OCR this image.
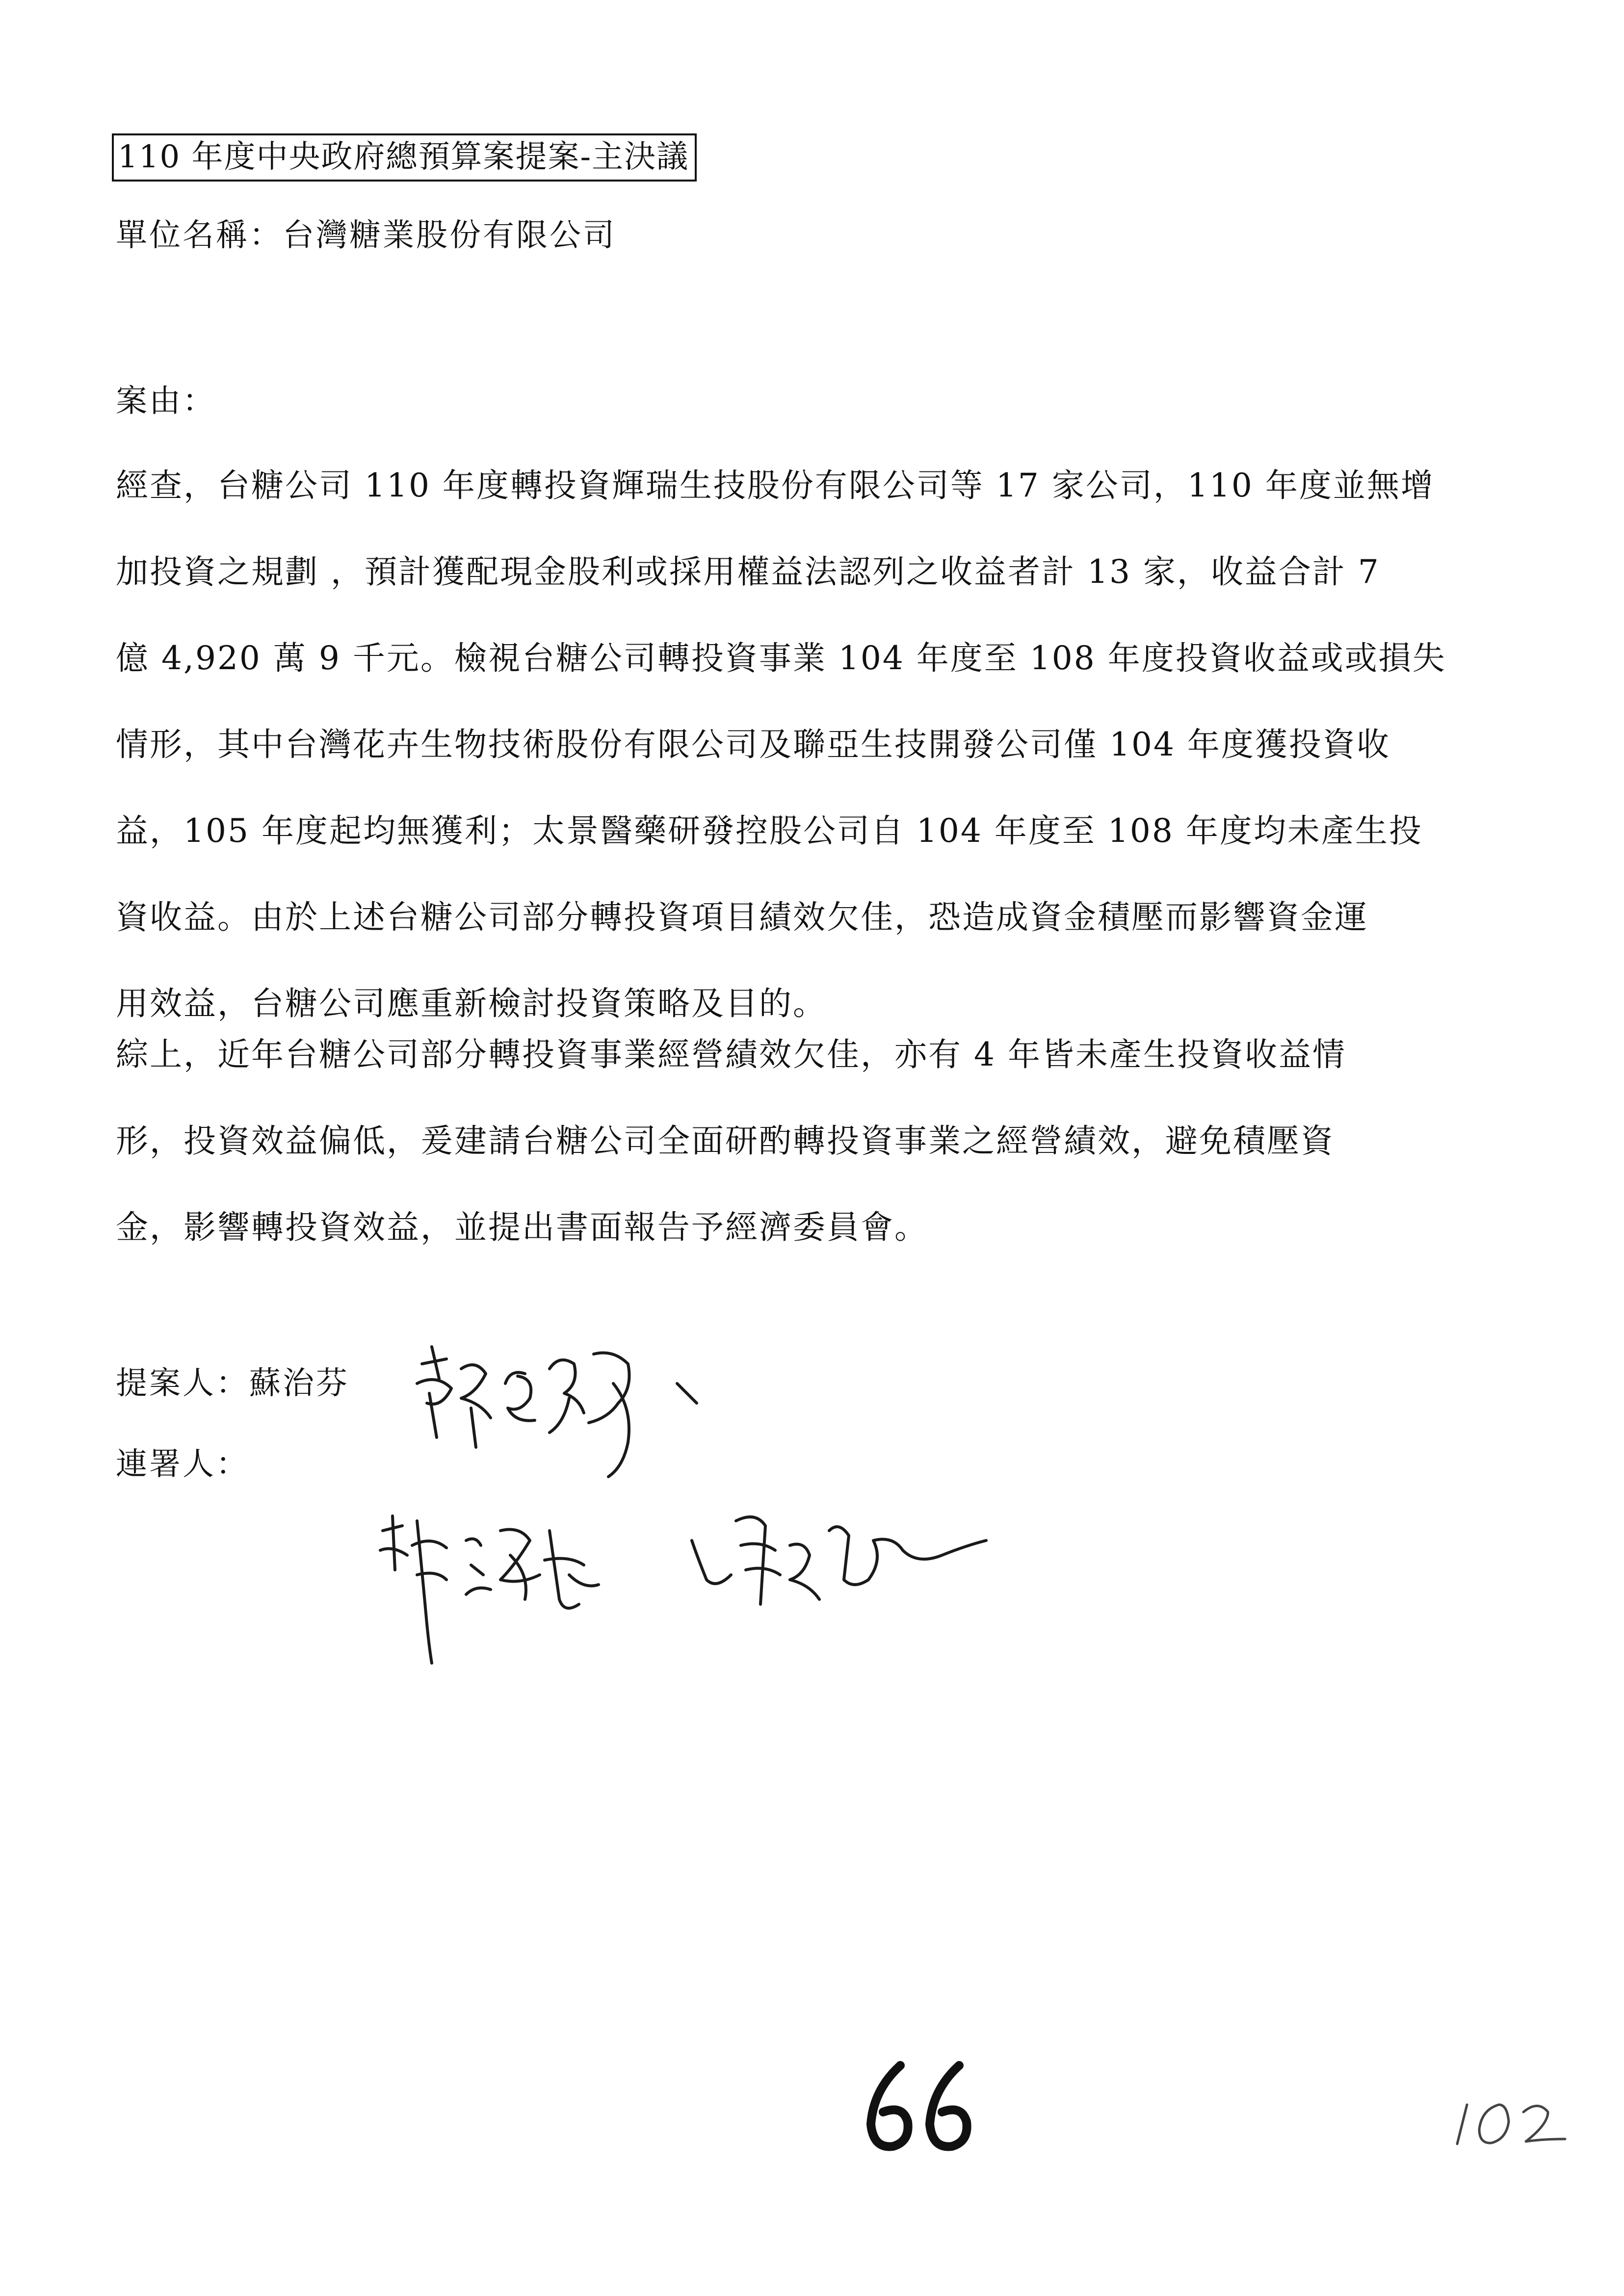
110 年度中央政府總預算案提案-主決議
單位名稱：台灣糖業股份有限公司
案由：
經查，台糖公司 110 年度轉投資輝瑞生技股份有限公司等 17 家公司，110 年度並無增
加投資之規劃 ，預計獲配現金股利或採用權益法認列之收益者計 13 家，收益合計 7
億 4,920 萬 9 千元。檢視台糖公司轉投資事業 104 年度至 108 年度投資收益或或損失
情形，其中台灣花卉生物技術股份有限公司及聯亞生技開發公司僅 104 年度獲投資收
益，105 年度起均無獲利；太景醫藥研發控股公司自 104 年度至 108 年度均未產生投
資收益。由於上述台糖公司部分轉投資項目績效欠佳，恐造成資金積壓而影響資金運
用效益，台糖公司應重新檢討投資策略及目的。
綜上，近年台糖公司部分轉投資事業經營績效欠佳，亦有 4 年皆未產生投資收益情
形，投資效益偏低，爰建請台糖公司全面研酌轉投資事業之經營績效，避免積壓資
金，影響轉投資效益，並提出書面報告予經濟委員會。
提案人：蘇治芬
連署人：
